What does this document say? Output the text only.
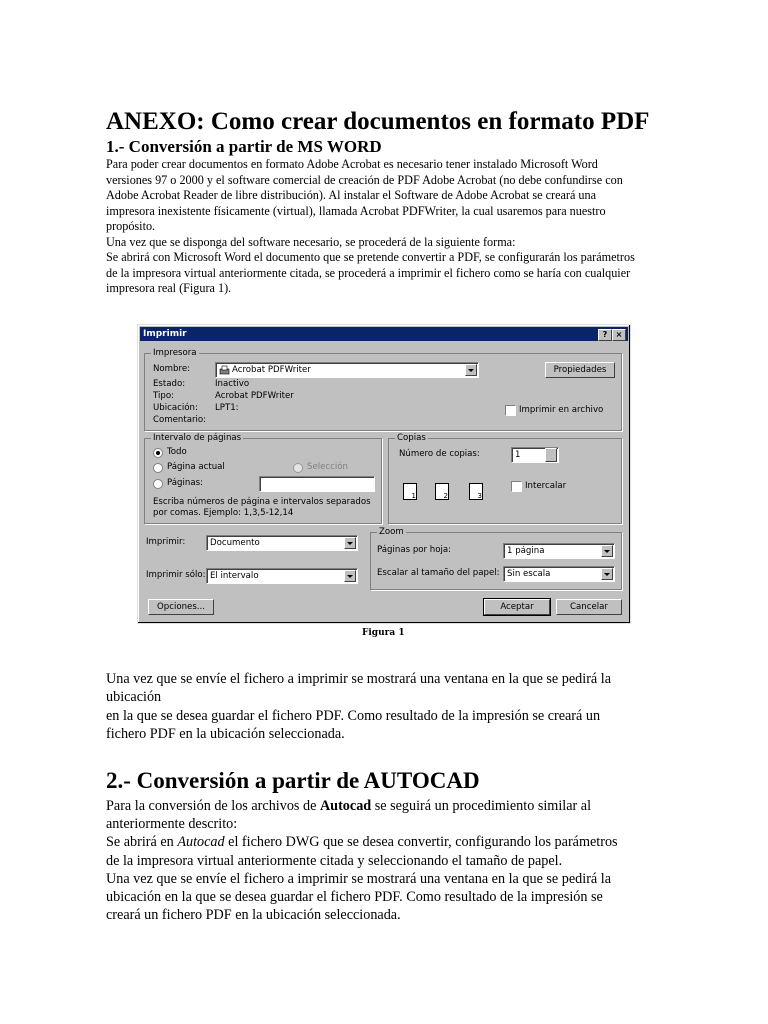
ANEXO: Como crear documentos en formato PDF
1.- Conversión a partir de MS WORD
Para poder crear documentos en formato Adobe Acrobat es necesario tener instalado Microsoft Word
versiones 97 o 2000 y el software comercial de creación de PDF Adobe Acrobat (no debe confundirse con
Adobe Acrobat Reader de libre distribución). Al instalar el Software de Adobe Acrobat se creará una
impresora inexistente físicamente (virtual), llamada Acrobat PDFWriter, la cual usaremos para nuestro
propósito.
Una vez que se disponga del software necesario, se procederá de la siguiente forma:
Se abrirá con Microsoft Word el documento que se pretende convertir a PDF, se configurarán los parámetros
de la impresora virtual anteriormente citada, se procederá a imprimir el fichero como se haría con cualquier
impresora real (Figura 1).
Imprimir	?	×
Impresora
Nombre:	Acrobat PDFWriter	Propiedades
Estado:	Inactivo
Tipo:	Acrobat PDFWriter
Ubicación: LPT1:
Comentario:
Imprimir en archivo
Intervalo de páginas
Todo
Página actual	Selección
Páginas:
Escriba números de página e intervalos separados
por comas. Ejemplo: 1,3,5-12,14
Copias
Número de copias:	1
1	2	3
Intercalar
Imprimir:	Documento
Imprimir sólo: El intervalo
Zoom
Páginas por hoja:	1 página
Escalar al tamaño del papel: Sin escala
Opciones...	Aceptar	Cancelar
Figura 1
Una vez que se envíe el fichero a imprimir se mostrará una ventana en la que se pedirá la
ubicación
en la que se desea guardar el fichero PDF. Como resultado de la impresión se creará un
fichero PDF en la ubicación seleccionada.
2.- Conversión a partir de AUTOCAD
Para la conversión de los archivos de Autocad se seguirá un procedimiento similar al
anteriormente descrito:
Se abrirá en Autocad el fichero DWG que se desea convertir, configurando los parámetros
de la impresora virtual anteriormente citada y seleccionando el tamaño de papel.
Una vez que se envíe el fichero a imprimir se mostrará una ventana en la que se pedirá la
ubicación en la que se desea guardar el fichero PDF. Como resultado de la impresión se
creará un fichero PDF en la ubicación seleccionada.
